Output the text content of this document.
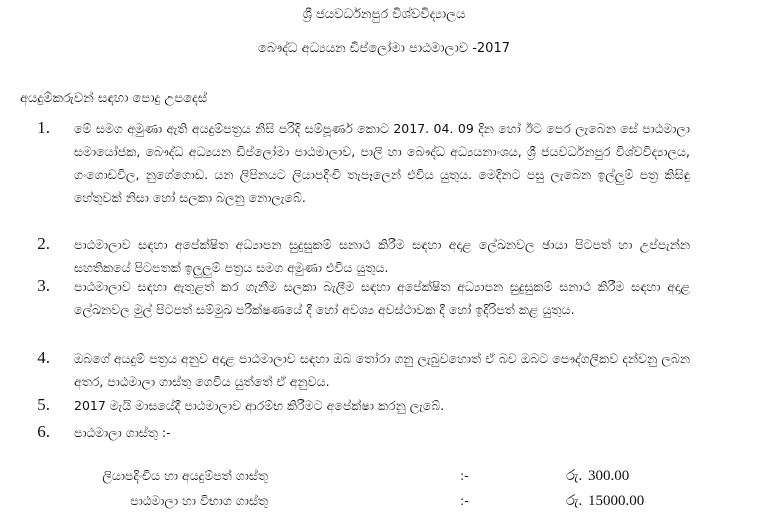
ශ්‍රී ජයවර්ධනපුර විශ්වවිද්‍යාලය
බෞද්ධ අධ්‍යයන ඩිප්ලෝමා පාඨමාලාව -2017
අයදුම්කරුවන් සඳහා පොදු උපදෙස්
1. මේ සමග අමුණා ඇති අයදුම්පත්‍රය නිසි පරිදි සම්පූර්ණ කොට 2017. 04. 09 දින හෝ ඊට පෙර ලැබෙන සේ පාඨමාලා සමායෝජක, බෞද්ධ අධ්‍යයන ඩිප්ලෝමා පාඨමාලාව, පාලි හා බෞද්ධ අධ්‍යයනාංශය, ශ්‍රී ජයවර්ධනපුර විශ්වවිද්‍යාලය, ගංගොඩවිල, නුගේගොඩ. යන ලිපිනයට ලියාපදිංචි තැපෑලෙන් එවිය යුතුය. මෙදිනට පසු ලැබෙන ඉල්ලුම් පත්‍ර කිසිඳු හේතුවක් නිසා හෝ සලකා බලනු නොලැබේ.
2. පාඨමාලාව සඳහා අපේක්ෂිත අධ්‍යාපන සුදුසුකම් සනාථ කිරීම සඳහා අදාළ ලේඛනවල ඡායා පිටපත් හා උප්පැන්න සහතිකයේ පිටපතක් ඉලුලුම් පත්‍රය සමග අමුණා එවිය යුතුය.
3. පාඨමාලාව සඳහා ඇතුළත් කර ගැනීම සලකා බැලීම සඳහා අපේක්ෂිත අධ්‍යාපන සුදුසුකම් සනාථ කිරීම සඳහා අදාළ ලේඛනවල මුල් පිටපත් සම්මුඛ පරීක්ෂණයේ දී හෝ අවශ්‍ය අවස්ථාවක දී හෝ ඉදිරිපත් කළ යුතුය.
4. ඔබගේ අයදුම් පත්‍රය අනුව අදාළ පාඨමාලාව සඳහා ඔබ තෝරා ගනු ලැබුවහොත් ඒ බව ඔබට පෞද්ගලිකව දන්වනු ලබන අතර, පාඨමාලා ගාස්තු ගෙවිය යුත්තේ ඒ අනුවය.
5. 2017 මැයි මාසයේදී පාඨමාලාව ආරම්භ කිරීමට අපේක්ෂා කරනු ලැබේ.
6. පාඨමාලා ගාස්තු :-
ලියාපදිංචිය හා අයදුම්පත් ගාස්තු	:-	රු. 300.00
පාඨමාලා හා විභාග ගාස්තු	:-	රු. 15000.00
